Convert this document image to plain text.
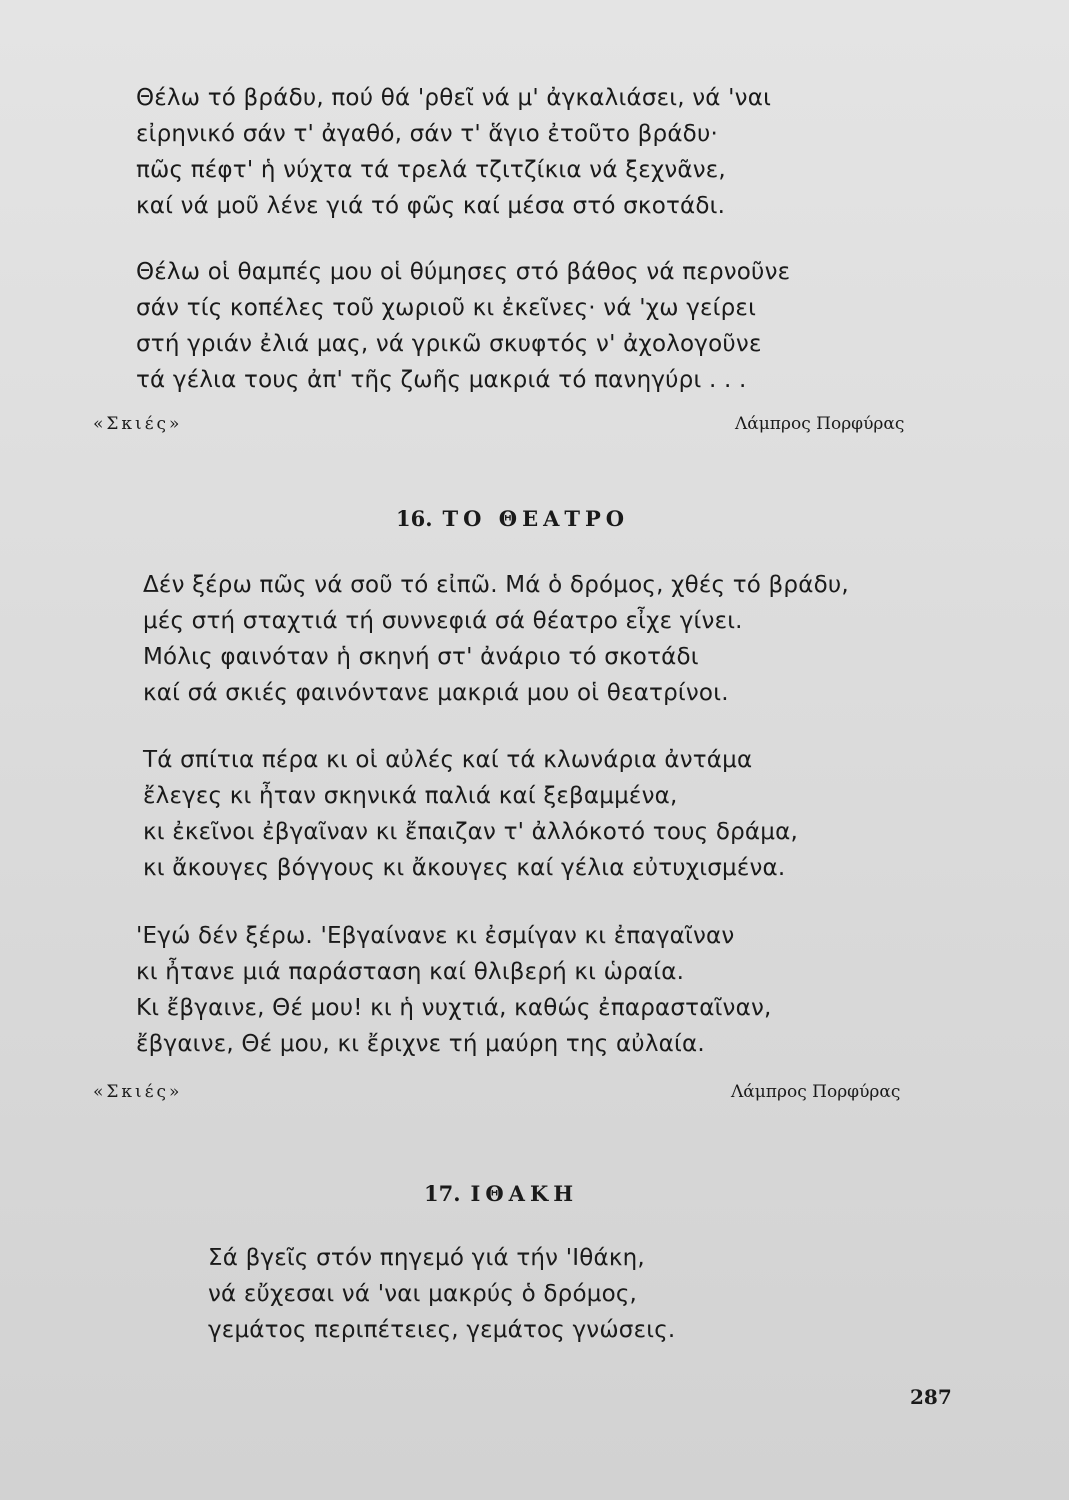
Θέλω τό βράδυ, πού θά 'ρθεῖ νά μ' ἀγκαλιάσει, νά 'ναι
εἰρηνικό σάν τ' ἀγαθό, σάν τ' ἅγιο ἐτοῦτο βράδυ·
πῶς πέφτ' ἡ νύχτα τά τρελά τζιτζίκια νά ξεχνᾶνε,
καί νά μοῦ λένε γιά τό φῶς καί μέσα στό σκοτάδι.
Θέλω οἱ θαμπές μου οἱ θύμησες στό βάθος νά περνοῦνε
σάν τίς κοπέλες τοῦ χωριοῦ κι ἐκεῖνες· νά 'χω γείρει
στή γριάν ἐλιά μας, νά γρικῶ σκυφτός ν' ἀχολογοῦνε
τά γέλια τους ἀπ' τῆς ζωῆς μακριά τό πανηγύρι . . .
«Σκιές»	Λάμπρος Πορφύρας
16. ΤΟ ΘΕΑΤΡΟ
Δέν ξέρω πῶς νά σοῦ τό εἰπῶ. Μά ὁ δρόμος, χθές τό βράδυ,
μές στή σταχτιά τή συννεφιά σά θέατρο εἶχε γίνει.
Μόλις φαινόταν ἡ σκηνή στ' ἀνάριο τό σκοτάδι
καί σά σκιές φαινόντανε μακριά μου οἱ θεατρίνοι.
Τά σπίτια πέρα κι οἱ αὐλές καί τά κλωνάρια ἀντάμα
ἔλεγες κι ἦταν σκηνικά παλιά καί ξεβαμμένα,
κι ἐκεῖνοι ἐβγαῖναν κι ἔπαιζαν τ' ἀλλόκοτό τους δράμα,
κι ἄκουγες βόγγους κι ἄκουγες καί γέλια εὐτυχισμένα.
'Εγώ δέν ξέρω. 'Εβγαίνανε κι ἐσμίγαν κι ἐπαγαῖναν
κι ἦτανε μιά παράσταση καί θλιβερή κι ὡραία.
Κι ἔβγαινε, Θέ μου! κι ἡ νυχτιά, καθώς ἐπαρασταῖναν,
ἔβγαινε, Θέ μου, κι ἔριχνε τή μαύρη της αὐλαία.
«Σκιές»	Λάμπρος Πορφύρας
17. ΙΘΑΚΗ
Σά βγεῖς στόν πηγεμό γιά τήν 'Ιθάκη,
νά εὔχεσαι νά 'ναι μακρύς ὁ δρόμος,
γεμάτος περιπέτειες, γεμάτος γνώσεις.
287
